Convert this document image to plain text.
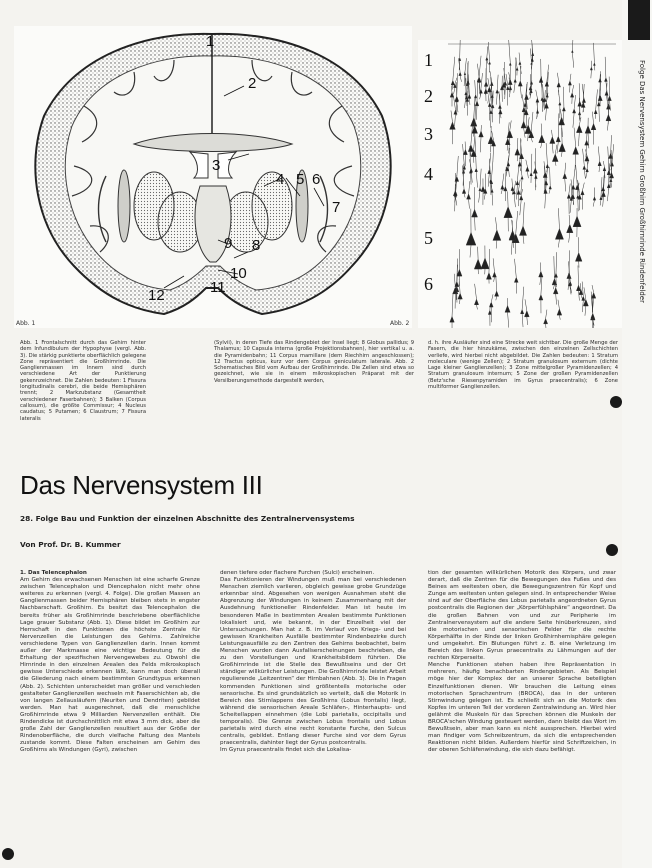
1
2
3
4 5 6
7
8
9
10
11
12
Abb. 1	Abb. 2
1
2
3
4
5
6
Abb. 1 Frontalschnitt durch das Gehirn hinter dem Infundibulum der Hypophyse (vergl. Abb. 3). Die stärkig punktierte oberflächlich gelegene Zone repräsentiert die Großhirnrinde. Die Ganglienmassen im Innern sind durch verschiedene Art der Punktierung gekennzeichnet. Die Zahlen bedeuten: 1 Fissura longitudinalis cerebri, die beide Hemisphären trennt; 2 Markzubstanz (Gesamtheit verschiedener Faserbahnen); 3 Balken (Corpus callosum), die größte Commissur; 4 Nucleus caudatus; 5 Putamen; 6 Claustrum; 7 Fissura lateralis
(Sylvii), in deren Tiefe das Rindengebiet der Insel liegt; 8 Globus pallidus; 9 Thalamus; 10 Capsula interna (große Projektionsbahnen), hier vertikal u. a. die Pyramidenbahn; 11 Corpus mamillare (dem Riechhirn angeschlossen); 12 Tractus opticus, kurz vor dem Corpus geniculatum laterale. Abb. 2 Schematisches Bild vom Aufbau der Großhirnrinde. Die Zellen sind etwa so gezeichnet, wie sie in einem mikroskopischen Präparat mit der Versilberungsmethode dargestellt werden,
d. h. ihre Ausläufer sind eine Strecke weit sichtbar. Die große Menge der Fasern, die hier hinzukäme, zwischen den einzelnen Zellschichten verliefe, wird hierbei nicht abgebildet. Die Zahlen bedeuten: 1 Stratum moleculare (wenige Zellen); 2 Stratum granulosum externum (dichte Lage kleiner Ganglienzellen); 3 Zone mittelgroßer Pyramidenzellen; 4 Stratum granulosum internum; 5 Zone der großen Pyramidenzellen (Betz'sche Riesenpyramiden im Gyrus praecentralis); 6 Zone multiformer Ganglienzellen.
Das Nervensystem III
28. Folge Bau und Funktion der einzelnen Abschnitte des Zentralnervensystems
Von Prof. Dr. B. Kummer
1. Das Telencephalon
Am Gehirn des erwachsenen Menschen ist eine scharfe Grenze zwischen Telencephalon und Diencephalon nicht mehr ohne weiteres zu erkennen (vergl. 4. Folge). Die großen Massen an Ganglienmassen beider Hemisphären bleiben stets in engster Nachbarschaft. Großhirn. Es besitzt das Telencephalon die bereits früher als Großhirnrinde beschriebene oberflächliche Lage grauer Substanz (Abb. 1). Diese bildet im Großhirn zur Herrschaft in den Funktionen die höchste Zentrale für Nervenzellen die Leistungen des Gehirns. Zahlreiche verschiedene Typen von Ganglienzellen darin. Innen kommt außer der Markmasse eine wichtige Bedeutung für die Erhaltung der spezifischen Nervengewebes zu. Obwohl die Hirnrinde in den einzelnen Arealen des Felds mikroskopisch gewisse Unterschiede erkennen läßt, kann man doch überall die Gliederung nach einem bestimmten Grundtypus erkennen (Abb. 2). Schichten unterscheidet man größer und verschieden gestalteter Ganglienzellen wechseln mit Faserschichten ab, die von langen Zellausläufern (Neuriten und Dendriten) gebildet werden. Man hat ausgerechnet, daß die menschliche Großhirnrinde etwa 9 Milliarden Nervenzellen enthält. Die Rindendicke ist durchschnittlich mit etwa 3 mm dick, aber die große Zahl der Ganglienzellen resultiert aus der Größe der Rindenoberfläche, die durch vielfache Faltung des Mantels zustande kommt. Diese Falten erscheinen am Gehirn des Großhirns als Windungen (Gyri), zwischen
denen tiefere oder flachere Furchen (Sulci) erscheinen.
Das Funktionieren der Windungen muß man bei verschiedenen Menschen ziemlich variieren, obgleich gewisse grobe Grundzüge erkennbar sind. Abgesehen von wenigen Ausnahmen steht die Abgrenzung der Windungen in keinem Zusammenhang mit der Ausdehnung funktioneller Rindenfelder. Man ist heute im besonderen Maße in bestimmten Arealen bestimmte Funktionen lokalisiert und, wie bekannt, in der Einzelheit viel der Untersuchungen. Man hat z. B. im Verlauf von Kriegs- und bei gewissen Krankheiten Ausfälle bestimmter Rindenbezirke durch Leistungsausfälle zu den Zentren des Gehirns beobachtet, beim Menschen wurden dann Ausfallserscheinungen beschrieben, die zu den Vorstellungen und Krankheitsbildern führten. Die Großhirnrinde ist die Stelle des Bewußtseins und der Ort ständiger willkürlicher Leistungen. Die Großhirnrinde leistet Arbeit regulierende „Leitzentren“ der Hirnbahnen (Abb. 3). Die in Fragen kommenden Funktionen sind größtenteils motorische oder sensorische. Es sind grundsätzlich so verteilt, daß die Motorik in Bereich des Stirnlappens des Großhirns (Lobus frontalis) liegt, während die sensorischen Areale Schläfen-, Hinterhaupts- und Scheitellappen einnehmen (die Lobi parietalis, occipitalis und temporalis). Die Grenze zwischen Lobus frontalis und Lobus parietalis wird durch eine recht konstante Furche, den Sulcus centralis, gebildet. Entlang dieser Furche sind vor dem Gyrus praecentralis, dahinter liegt der Gyrus postcentralis.
Im Gyrus praecentralis findet sich die Lokalisa-
tion der gesamten willkürlichen Motorik des Körpers, und zwar derart, daß die Zentren für die Bewegungen des Fußes und des Beines am weitesten oben, die Bewegungszentren für Kopf und Zunge am weitesten unten gelegen sind. In entsprechender Weise sind auf der Oberfläche des Lobus parietalis angeordneten Gyrus postcentralis die Regionen der „Körperfühlsphäre“ angeordnet. Da die großen Bahnen von und zur Peripherie im Zentralnervensystem auf die andere Seite hinüberkreuzen, sind die motorischen und sensorischen Felder für die rechte Körperhälfte in der Rinde der linken Großhirnhemisphäre gelegen und umgekehrt. Ein Blutungen führt z. B. eine Verletzung im Bereich des linken Gyrus praecentralis zu Lähmungen auf der rechten Körperseite.
Menche Funktionen stehen haben ihre Repräsentation in mehreren, häufig benachbarten Rindengebieten. Als Beispiel möge hier der Komplex der an unserer Sprache beteiligten Einzelfunktionen dienen. Wir brauchen die Leitung eines motorischen Sprachzentrum (BROCA), das in der unteren Stirnwindung gelegen ist. Es schließt sich an die Motorik des Kopfes im unteren Teil der vorderen Zentralwindung an. Wird hier gelähmt die Muskeln für das Sprechen können die Muskeln der BROCA'schen Windung gesteuert werden, dann bleibt das Wort im Bewußtsein, aber man kann es nicht aussprechen. Hierbei wird man findiger vom Schreibzentrum, da sich die entsprechenden Reaktionen nicht bilden. Außerdem hierfür sind Schriftzeichen, in der oberen Schläfenwindung, die sich dazu befähigt.
Folge Das Nervensystem Gehirn Großhirn Großhirnrinde Rindenfelder
